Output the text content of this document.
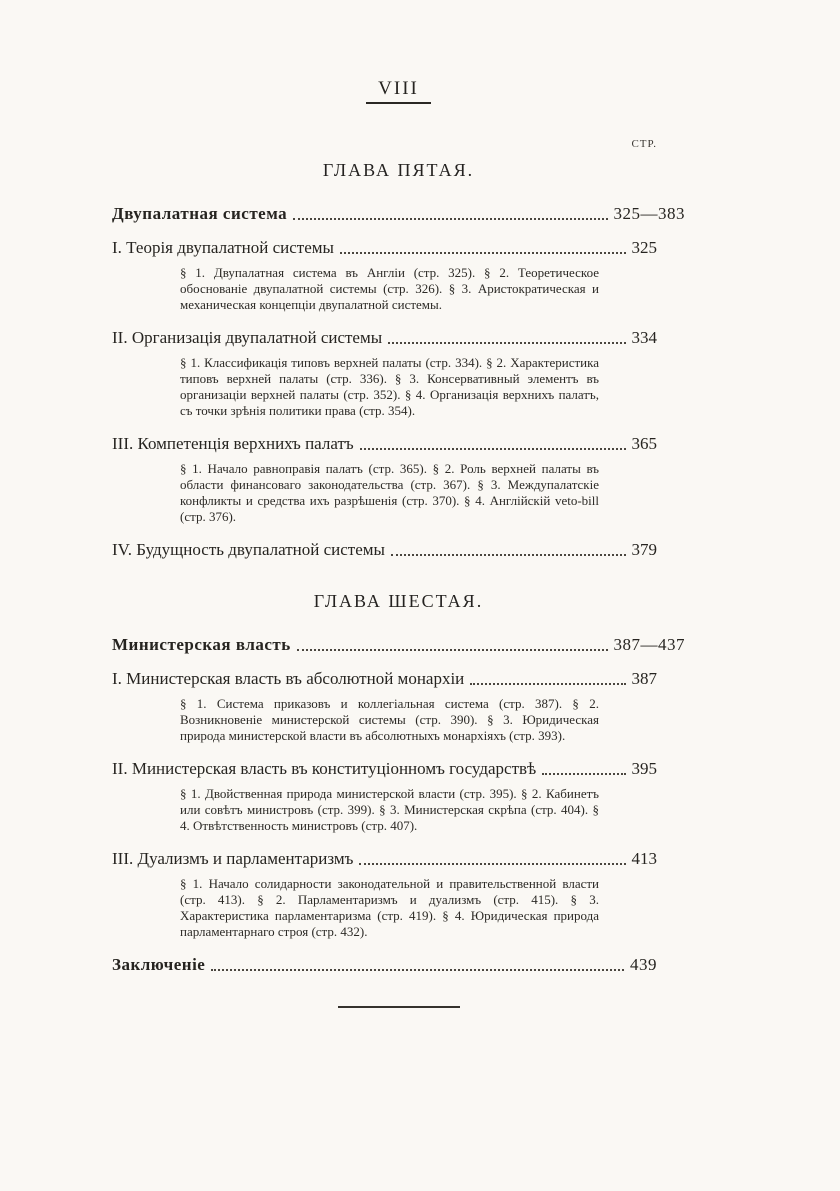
VIII
СТР.
ГЛАВА ПЯТАЯ.
Двупалатная система	325—383
I. Теорія двупалатной системы	325
§ 1. Двупалатная система въ Англіи (стр. 325). § 2. Теоретическое обоснованіе двупалатной системы (стр. 326). § 3. Аристократическая и механическая концепціи двупалатной системы.
II. Организація двупалатной системы	334
§ 1. Классификація типовъ верхней палаты (стр. 334). § 2. Характеристика типовъ верхней палаты (стр. 336). § 3. Консервативный элементъ въ организаціи верхней палаты (стр. 352). § 4. Организація верхнихъ палатъ, съ точки зрѣнія политики права (стр. 354).
III. Компетенція верхнихъ палатъ	365
§ 1. Начало равноправія палатъ (стр. 365). § 2. Роль верхней палаты въ области финансоваго законодательства (стр. 367). § 3. Междупалатскіе конфликты и средства ихъ разрѣшенія (стр. 370). § 4. Англійскій veto-bill (стр. 376).
IV. Будущность двупалатной системы	379
ГЛАВА ШЕСТАЯ.
Министерская власть	387—437
I. Министерская власть въ абсолютной монархіи	387
§ 1. Система приказовъ и коллегіальная система (стр. 387). § 2. Возникновеніе министерской системы (стр. 390). § 3. Юридическая природа министерской власти въ абсолютныхъ монархіяхъ (стр. 393).
II. Министерская власть въ конституціонномъ государствѣ	395
§ 1. Двойственная природа министерской власти (стр. 395). § 2. Кабинетъ или совѣтъ министровъ (стр. 399). § 3. Министерская скрѣпа (стр. 404). § 4. Отвѣтственность министровъ (стр. 407).
III. Дуализмъ и парламентаризмъ	413
§ 1. Начало солидарности законодательной и правительственной власти (стр. 413). § 2. Парламентаризмъ и дуализмъ (стр. 415). § 3. Характеристика парламентаризма (стр. 419). § 4. Юридическая природа парламентарнаго строя (стр. 432).
Заключеніе	439
